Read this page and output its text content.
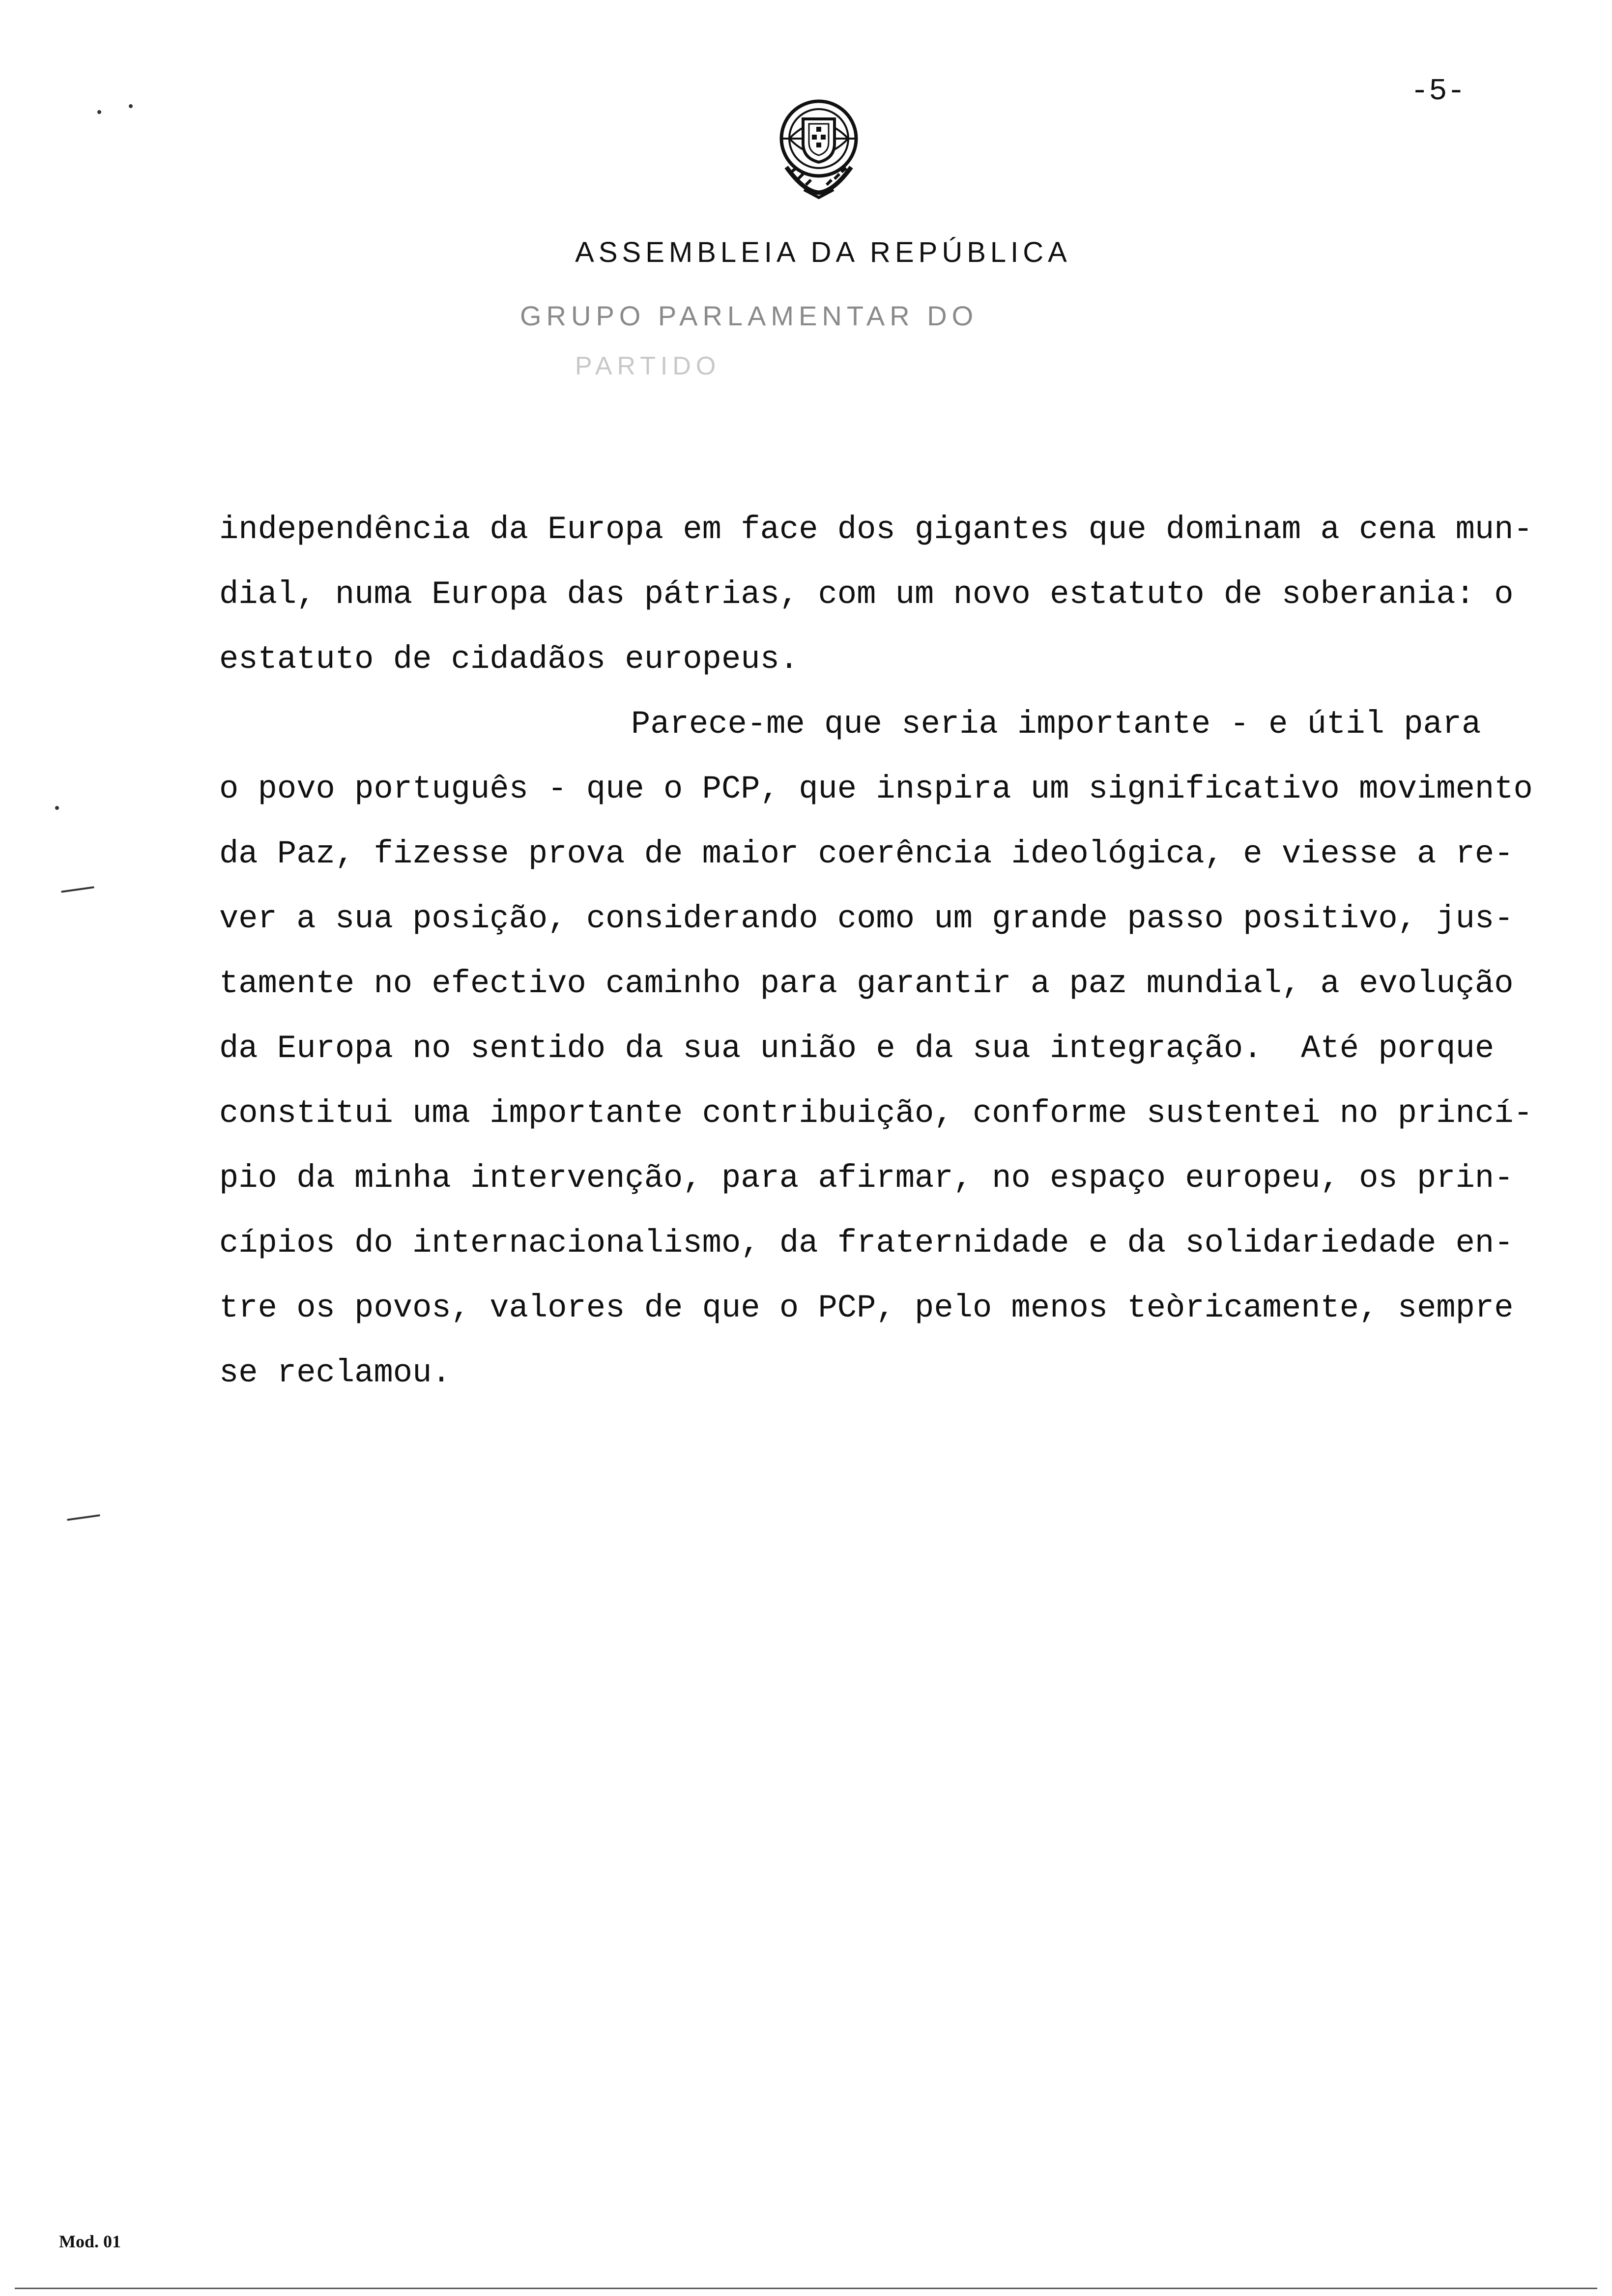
-5-
ASSEMBLEIA DA REPÚBLICA
GRUPO PARLAMENTAR DO
PARTIDO
independência da Europa em face dos gigantes que dominam a cena mun-
dial, numa Europa das pátrias, com um novo estatuto de soberania: o
estatuto de cidadãos europeus.
Parece-me que seria importante - e útil para
o povo português - que o PCP, que inspira um significativo movimento
da Paz, fizesse prova de maior coerência ideológica, e viesse a re-
ver a sua posição, considerando como um grande passo positivo, jus-
tamente no efectivo caminho para garantir a paz mundial, a evolução
da Europa no sentido da sua união e da sua integração.  Até porque
constitui uma importante contribuição, conforme sustentei no princí-
pio da minha intervenção, para afirmar, no espaço europeu, os prin-
cípios do internacionalismo, da fraternidade e da solidariedade en-
tre os povos, valores de que o PCP, pelo menos teòricamente, sempre
se reclamou.
Mod. 01
